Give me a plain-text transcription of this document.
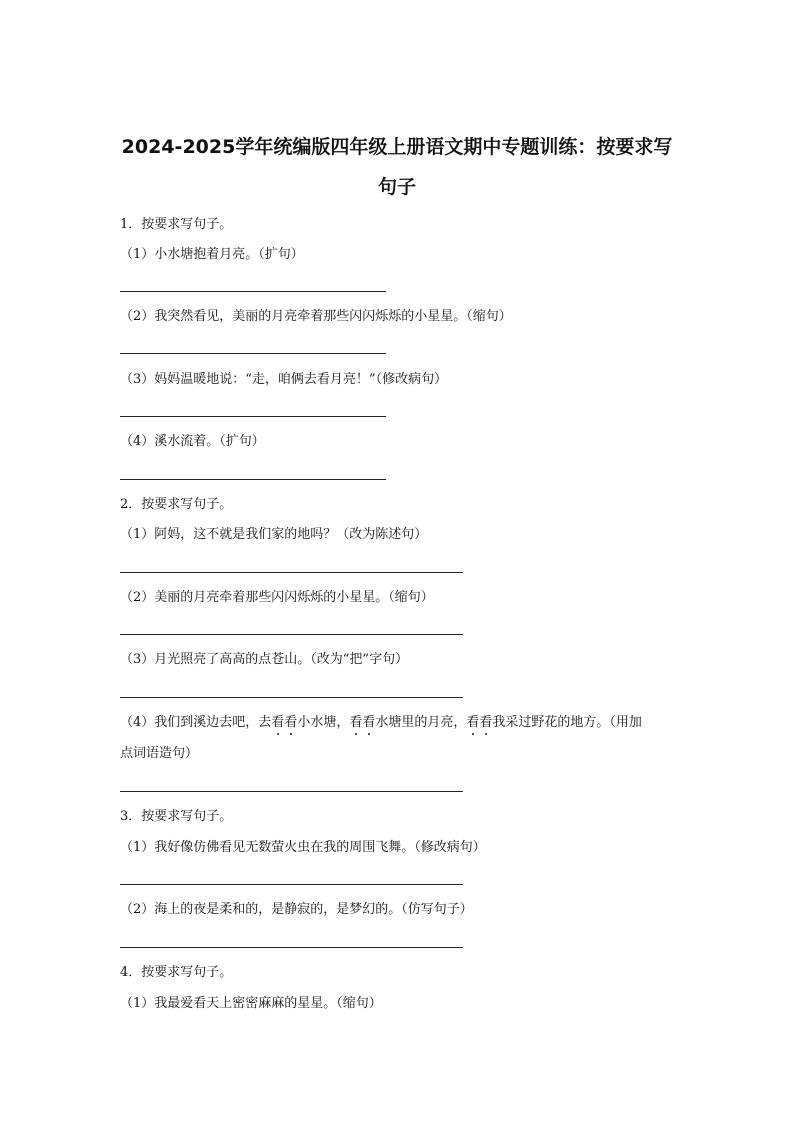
2024-2025学年统编版四年级上册语文期中专题训练：按要求写
句子
1．按要求写句子。
（1）小水塘抱着月亮。（扩句）
（2）我突然看见，美丽的月亮牵着那些闪闪烁烁的小星星。（缩句）
（3）妈妈温暖地说：“走，咱俩去看月亮！”（修改病句）
（4）溪水流着。（扩句）
2．按要求写句子。
（1）阿妈，这不就是我们家的地吗？（改为陈述句）
（2）美丽的月亮牵着那些闪闪烁烁的小星星。（缩句）
（3）月光照亮了高高的点苍山。（改为“把”字句）
（4）我们到溪边去吧，去看看小水塘，看看水塘里的月亮，看看我采过野花的地方。（用加
点词语造句）
3．按要求写句子。
（1）我好像仿佛看见无数萤火虫在我的周围飞舞。（修改病句）
（2）海上的夜是柔和的，是静寂的，是梦幻的。（仿写句子）
4．按要求写句子。
（1）我最爱看天上密密麻麻的星星。（缩句）
